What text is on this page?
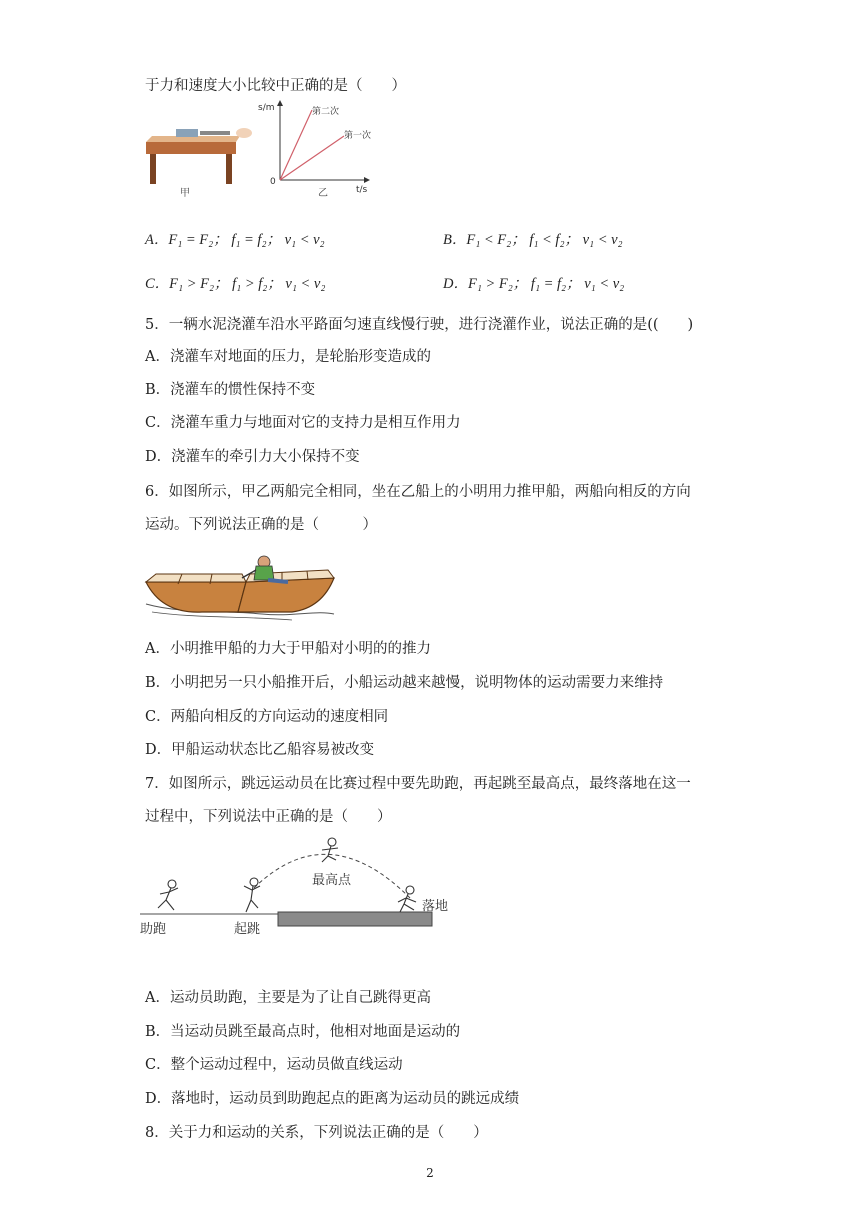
于力和速度大小比较中正确的是（　　）
甲
s/m
t/s
0
第二次
第一次
乙
A．F₁ = F₂； f₁ = f₂； v₁ < v₂	B．F₁ < F₂； f₁ < f₂； v₁ < v₂
C．F₁ > F₂； f₁ > f₂； v₁ < v₂	D．F₁ > F₂； f₁ = f₂； v₁ < v₂
5．一辆水泥浇灌车沿水平路面匀速直线慢行驶，进行浇灌作业，说法正确的是((　　)
A．浇灌车对地面的压力，是轮胎形变造成的
B．浇灌车的惯性保持不变
C．浇灌车重力与地面对它的支持力是相互作用力
D．浇灌车的牵引力大小保持不变
6．如图所示，甲乙两船完全相同，坐在乙船上的小明用力推甲船，两船向相反的方向
运动。下列说法正确的是（　　　）
A．小明推甲船的力大于甲船对小明的的推力
B．小明把另一只小船推开后，小船运动越来越慢，说明物体的运动需要力来维持
C．两船向相反的方向运动的速度相同
D．甲船运动状态比乙船容易被改变
7．如图所示，跳远运动员在比赛过程中要先助跑，再起跳至最高点，最终落地在这一
过程中，下列说法中正确的是（　　）
助跑	起跳
最高点
落地
A．运动员助跑，主要是为了让自己跳得更高
B．当运动员跳至最高点时，他相对地面是运动的
C．整个运动过程中，运动员做直线运动
D．落地时，运动员到助跑起点的距离为运动员的跳远成绩
8．关于力和运动的关系，下列说法正确的是（　　）
2
